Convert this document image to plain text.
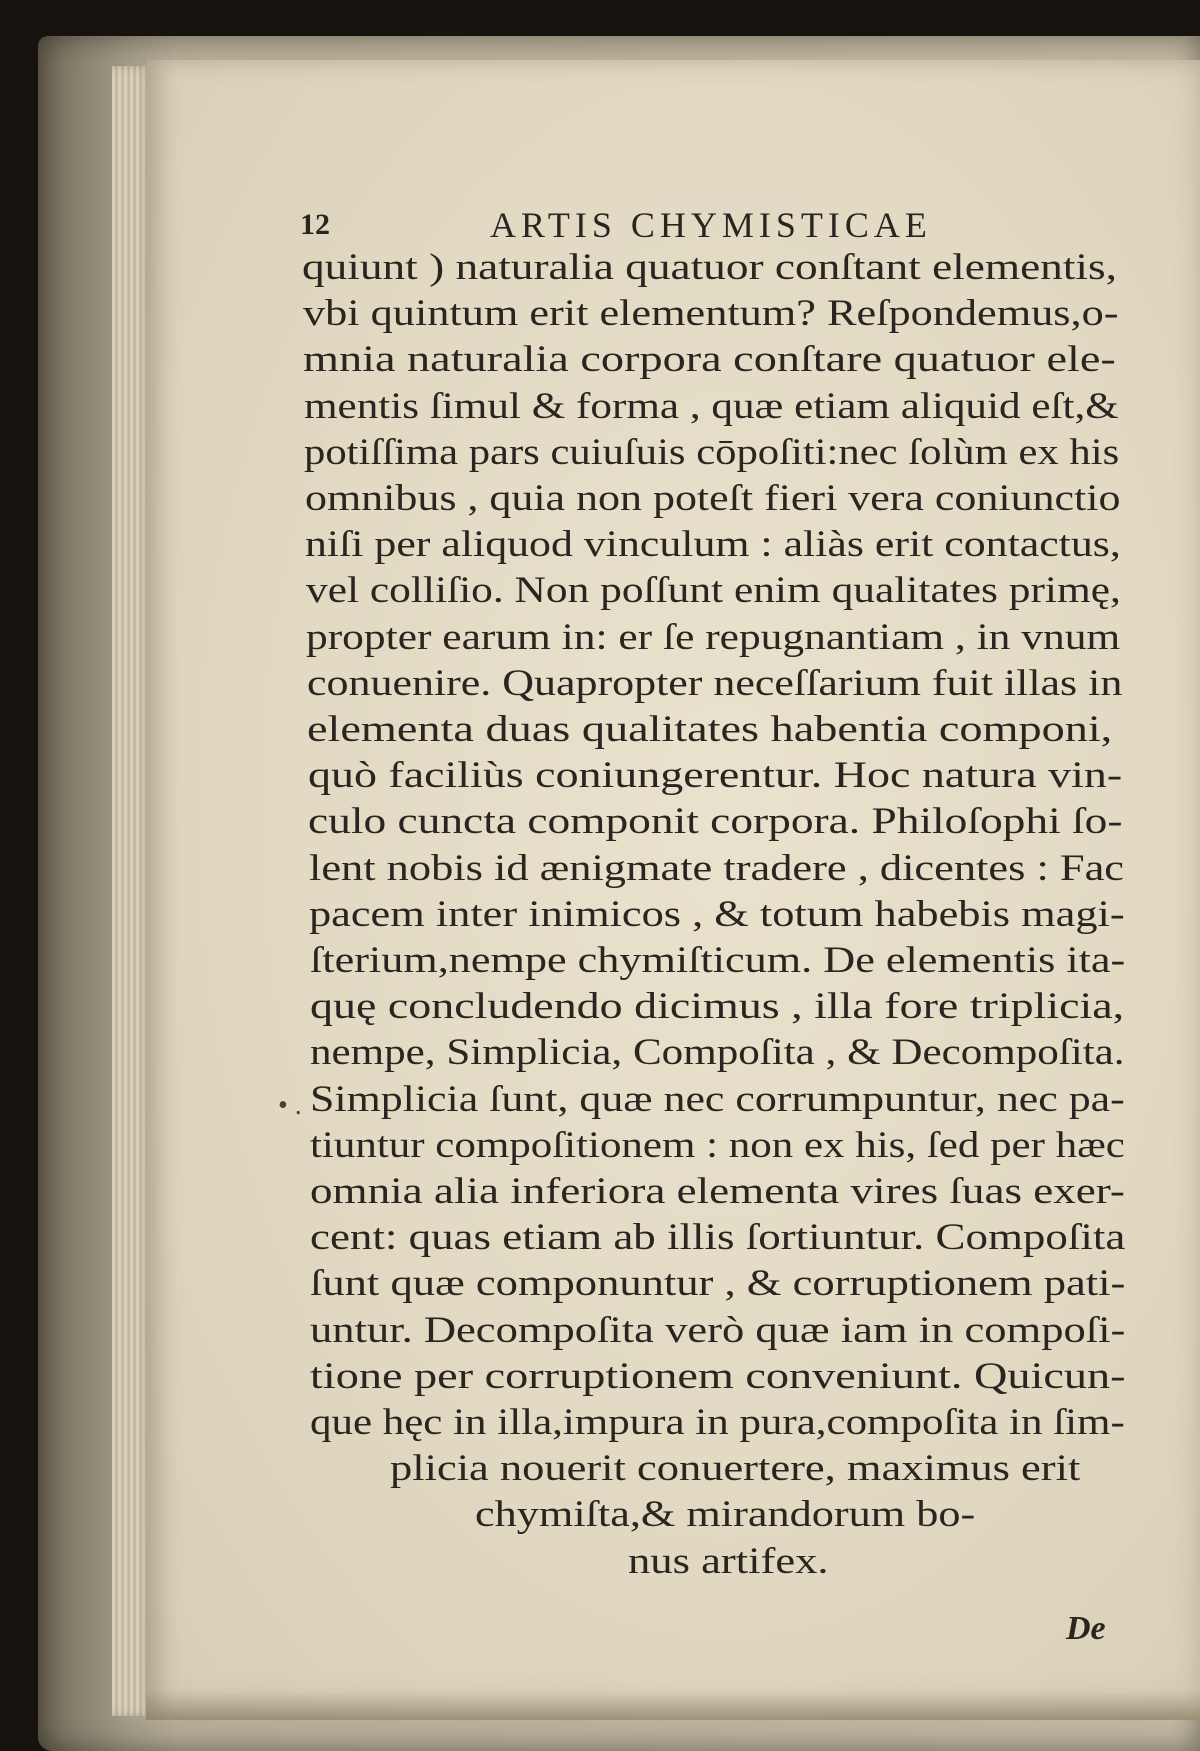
12	ARTIS CHYMISTICAE
• .
quiunt ) naturalia quatuor conſtant elementis,
vbi quintum erit elementum? Reſpondemus,o-
mnia naturalia corpora conſtare quatuor ele-
mentis ſimul & forma , quæ etiam aliquid eſt,&
potiſſima pars cuiuſuis cōpoſiti:nec ſolùm ex his
omnibus , quia non poteſt fieri vera coniunctio
niſi per aliquod vinculum : aliàs erit contactus,
vel colliſio. Non poſſunt enim qualitates primę,
propter earum in: er ſe repugnantiam , in vnum
conuenire. Quapropter neceſſarium fuit illas in
elementa duas qualitates habentia componi,
quò faciliùs coniungerentur. Hoc natura vin-
culo cuncta componit corpora. Philoſophi ſo-
lent nobis id ænigmate tradere , dicentes : Fac
pacem inter inimicos , & totum habebis magi-
ſterium,nempe chymiſticum. De elementis ita-
quę concludendo dicimus , illa fore triplicia,
nempe, Simplicia, Compoſita , & Decompoſita.
Simplicia ſunt, quæ nec corrumpuntur, nec pa-
tiuntur compoſitionem : non ex his, ſed per hæc
omnia alia inferiora elementa vires ſuas exer-
cent: quas etiam ab illis ſortiuntur. Compoſita
ſunt quæ componuntur , & corruptionem pati-
untur. Decompoſita verò quæ iam in compoſi-
tione per corruptionem conveniunt. Quicun-
que hęc in illa,impura in pura,compoſita in ſim-
plicia nouerit conuertere, maximus erit
chymiſta,& mirandorum bo-
nus artifex.
De
